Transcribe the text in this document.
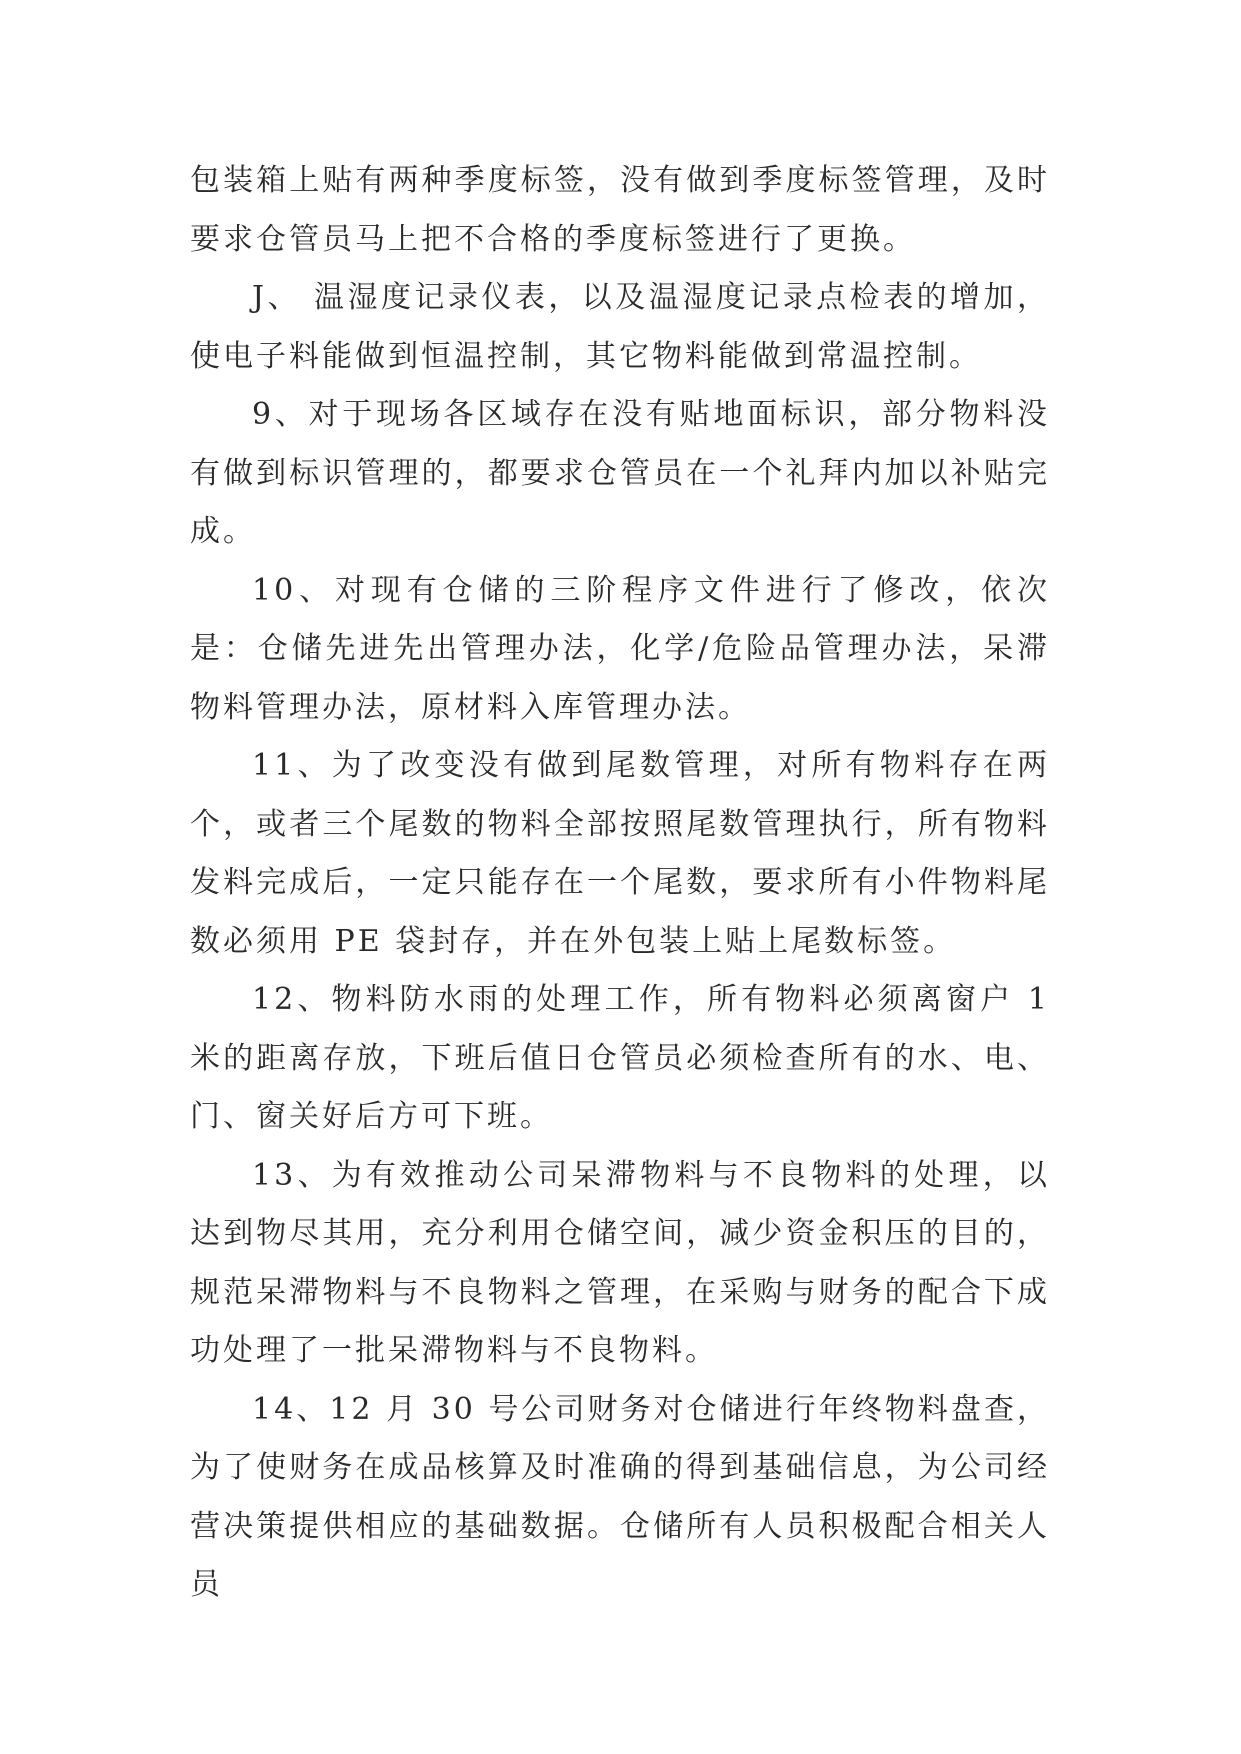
包装箱上贴有两种季度标签，没有做到季度标签管理，及时要求仓管员马上把不合格的季度标签进行了更换。

J、 温湿度记录仪表，以及温湿度记录点检表的增加，使电子料能做到恒温控制，其它物料能做到常温控制。

9、对于现场各区域存在没有贴地面标识，部分物料没有做到标识管理的，都要求仓管员在一个礼拜内加以补贴完成。

10、对现有仓储的三阶程序文件进行了修改，依次是：仓储先进先出管理办法，化学/危险品管理办法，呆滞物料管理办法，原材料入库管理办法。

11、为了改变没有做到尾数管理，对所有物料存在两个，或者三个尾数的物料全部按照尾数管理执行，所有物料发料完成后，一定只能存在一个尾数，要求所有小件物料尾数必须用 PE 袋封存，并在外包装上贴上尾数标签。

12、物料防水雨的处理工作，所有物料必须离窗户 1 米的距离存放，下班后值日仓管员必须检查所有的水、电、门、窗关好后方可下班。

13、为有效推动公司呆滞物料与不良物料的处理，以达到物尽其用，充分利用仓储空间，减少资金积压的目的，规范呆滞物料与不良物料之管理，在采购与财务的配合下成功处理了一批呆滞物料与不良物料。

14、12 月 30 号公司财务对仓储进行年终物料盘查，为了使财务在成品核算及时准确的得到基础信息，为公司经营决策提供相应的基础数据。仓储所有人员积极配合相关人员
